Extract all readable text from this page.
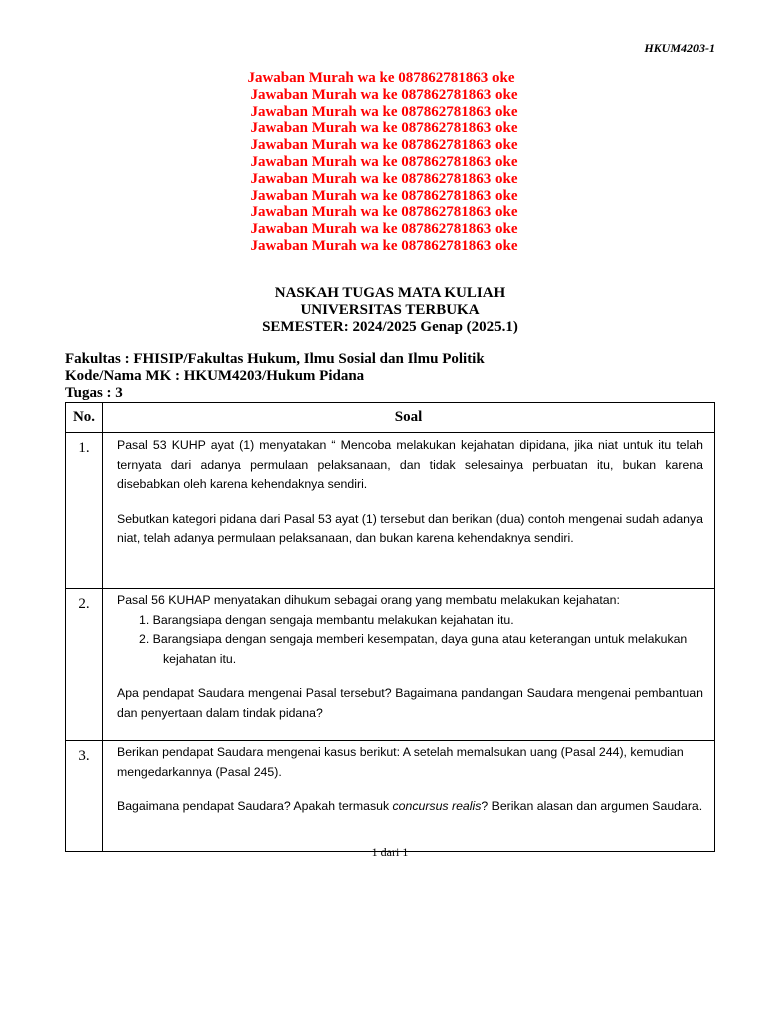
HKUM4203-1
Jawaban Murah wa ke 087862781863 oke
Jawaban Murah wa ke 087862781863 oke
Jawaban Murah wa ke 087862781863 oke
Jawaban Murah wa ke 087862781863 oke
Jawaban Murah wa ke 087862781863 oke
Jawaban Murah wa ke 087862781863 oke
Jawaban Murah wa ke 087862781863 oke
Jawaban Murah wa ke 087862781863 oke
Jawaban Murah wa ke 087862781863 oke
Jawaban Murah wa ke 087862781863 oke
Jawaban Murah wa ke 087862781863 oke
NASKAH TUGAS MATA KULIAH
UNIVERSITAS TERBUKA
SEMESTER: 2024/2025 Genap (2025.1)
Fakultas : FHISIP/Fakultas Hukum, Ilmu Sosial dan Ilmu Politik
Kode/Nama MK : HKUM4203/Hukum Pidana
Tugas : 3
No.	Soal
1.	Pasal 53 KUHP ayat (1) menyatakan “ Mencoba melakukan kejahatan dipidana, jika niat untuk itu telah ternyata dari adanya permulaan pelaksanaan, dan tidak selesainya perbuatan itu, bukan karena disebabkan oleh karena kehendaknya sendiri.

Sebutkan kategori pidana dari Pasal 53 ayat (1) tersebut dan berikan (dua) contoh mengenai sudah adanya niat, telah adanya permulaan pelaksanaan, dan bukan karena kehendaknya sendiri.

2.	Pasal 56 KUHAP menyatakan dihukum sebagai orang yang membatu melakukan kejahatan:

1. Barangsiapa dengan sengaja membantu melakukan kejahatan itu.

2. Barangsiapa dengan sengaja memberi kesempatan, daya guna atau keterangan untuk melakukan

kejahatan itu.

Apa pendapat Saudara mengenai Pasal tersebut? Bagaimana pandangan Saudara mengenai pembantuan dan penyertaan dalam tindak pidana?

3.	Berikan pendapat Saudara mengenai kasus berikut: A setelah memalsukan uang (Pasal 244), kemudian mengedarkannya (Pasal 245).

Bagaimana pendapat Saudara? Apakah termasuk concursus realis? Berikan alasan dan argumen Saudara.

1 dari 1
